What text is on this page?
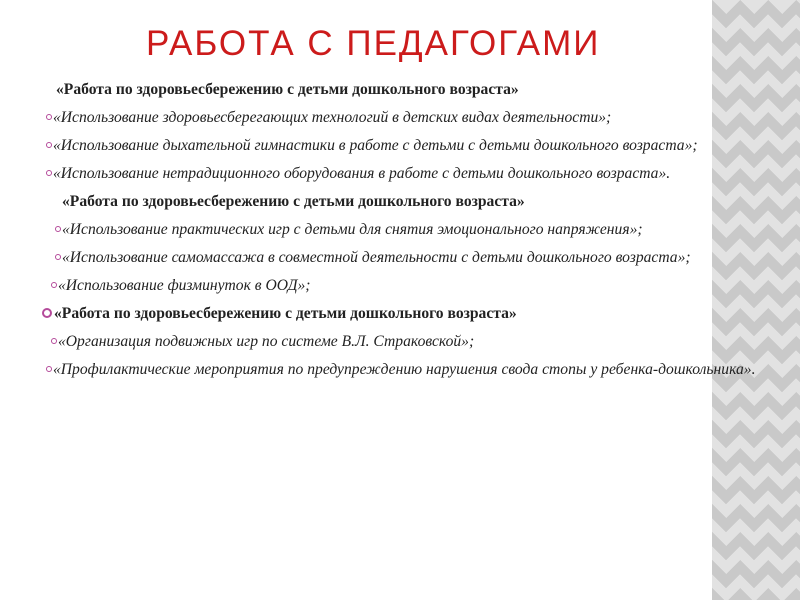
РАБОТА С ПЕДАГОГАМИ

«Работа по здоровьесбережению с детьми дошкольного возраста»

«Использование здоровьесберегающих технологий в детских видах деятельности»;

«Использование дыхательной гимнастики в работе с детьми с детьми дошкольного возраста»;

«Использование нетрадиционного оборудования в работе с детьми дошкольного возраста».

«Работа по здоровьесбережению с детьми дошкольного возраста»

«Использование практических игр с детьми для снятия эмоционального напряжения»;

«Использование самомассажа в совместной деятельности с детьми дошкольного возраста»;

«Использование физминуток в ООД»;

«Работа по здоровьесбережению с детьми дошкольного возраста»

«Организация подвижных игр по системе В.Л. Страковской»;

«Профилактические мероприятия по предупреждению нарушения свода стопы у ребенка-дошкольника».
